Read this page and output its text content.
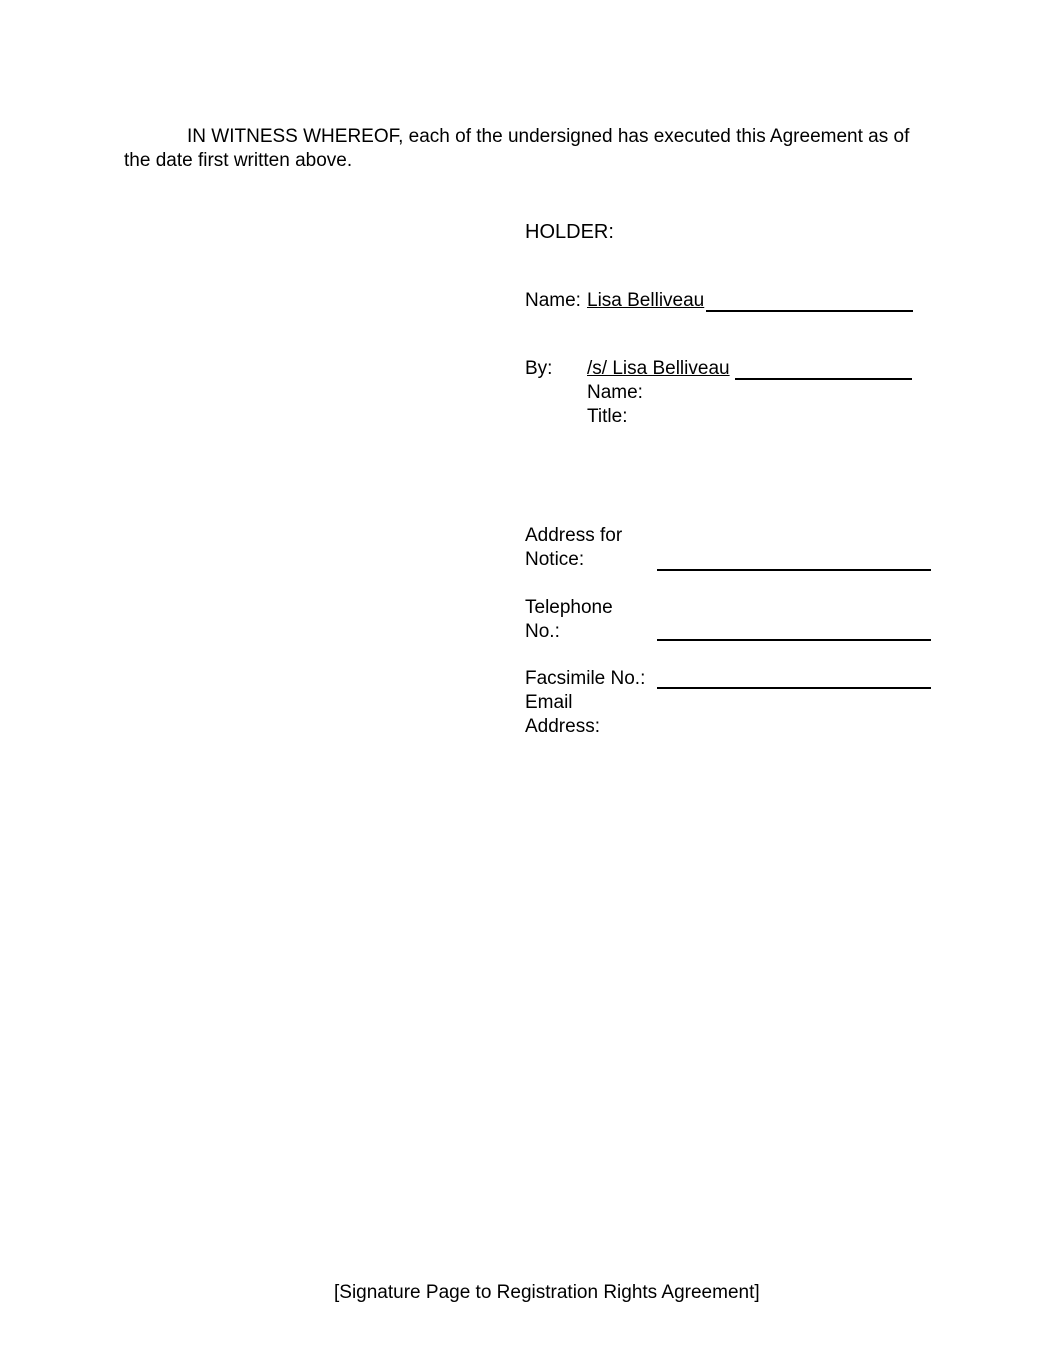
IN WITNESS WHEREOF, each of the undersigned has executed this Agreement as of
the date first written above.
HOLDER:
Name: Lisa Belliveau
By: /s/ Lisa Belliveau
Name:
Title:
Address for
Notice:
Telephone
No.:
Facsimile No.:
Email
Address:
[Signature Page to Registration Rights Agreement]
